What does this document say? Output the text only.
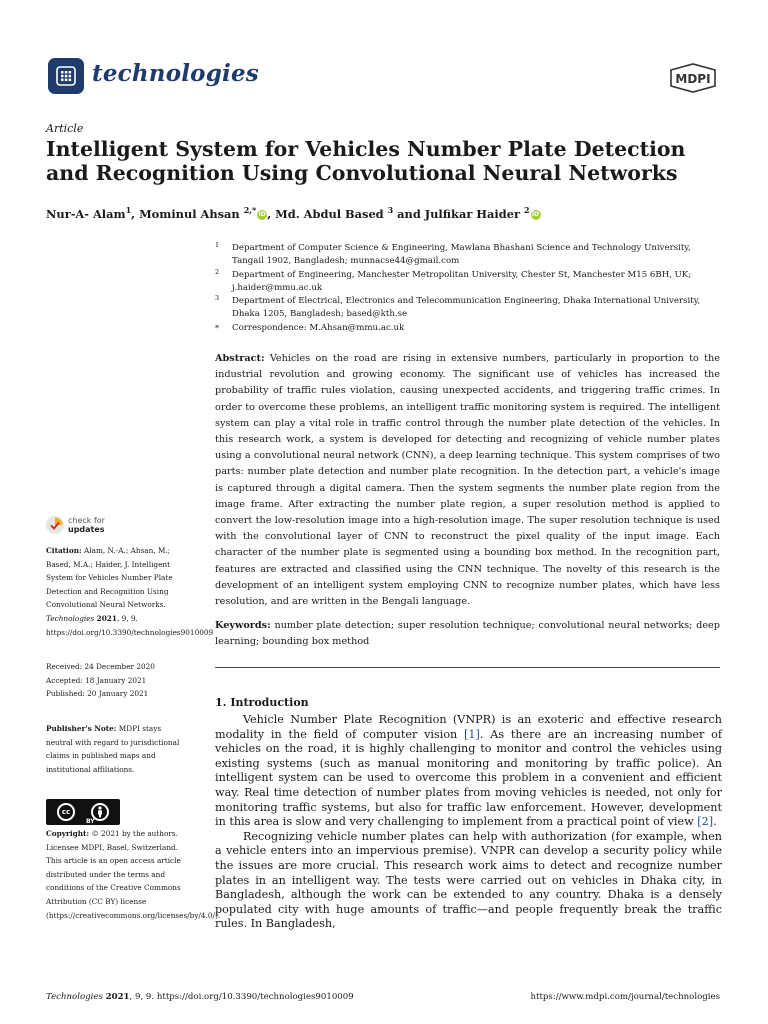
technologies	MDPI
Article
Intelligent System for Vehicles Number Plate Detection and Recognition Using Convolutional Neural Networks
Nur-A- Alam$^1$, Mominul Ahsan $^{2,*}$ iD, Md. Abdul Based $^3$ and Julfikar Haider $^2$ iD
1 Department of Computer Science & Engineering, Mawlana Bhashani Science and Technology University, Tangail 1902, Bangladesh; munnacse44@gmail.com
2 Department of Engineering, Manchester Metropolitan University, Chester St, Manchester M15 6BH, UK; j.haider@mmu.ac.uk
3 Department of Electrical, Electronics and Telecommunication Engineering, Dhaka International University, Dhaka 1205, Bangladesh; based@kth.se
* Correspondence: M.Ahsan@mmu.ac.uk
Abstract: Vehicles on the road are rising in extensive numbers, particularly in proportion to the industrial revolution and growing economy. The significant use of vehicles has increased the probability of traffic rules violation, causing unexpected accidents, and triggering traffic crimes. In order to overcome these problems, an intelligent traffic monitoring system is required. The intelligent system can play a vital role in traffic control through the number plate detection of the vehicles. In this research work, a system is developed for detecting and recognizing of vehicle number plates using a convolutional neural network (CNN), a deep learning technique. This system comprises of two parts: number plate detection and number plate recognition. In the detection part, a vehicle's image is captured through a digital camera. Then the system segments the number plate region from the image frame. After extracting the number plate region, a super resolution method is applied to convert the low-resolution image into a high-resolution image. The super resolution technique is used with the convolutional layer of CNN to reconstruct the pixel quality of the input image. Each character of the number plate is segmented using a bounding box method. In the recognition part, features are extracted and classified using the CNN technique. The novelty of this research is the development of an intelligent system employing CNN to recognize number plates, which have less resolution, and are written in the Bengali language.
Keywords: number plate detection; super resolution technique; convolutional neural networks; deep learning; bounding box method
1. Introduction

Vehicle Number Plate Recognition (VNPR) is an exoteric and effective research modality in the field of computer vision [1]. As there are an increasing number of vehicles on the road, it is highly challenging to monitor and control the vehicles using existing systems (such as manual monitoring and monitoring by traffic police). An intelligent system can be used to overcome this problem in a convenient and efficient way. Real time detection of number plates from moving vehicles is needed, not only for monitoring traffic systems, but also for traffic law enforcement. However, development in this area is slow and very challenging to implement from a practical point of view [2].

Recognizing vehicle number plates can help with authorization (for example, when a vehicle enters into an impervious premise). VNPR can develop a security policy while the issues are more crucial. This research work aims to detect and recognize number plates in an intelligent way. The tests were carried out on vehicles in Dhaka city, in Bangladesh, although the work can be extended to any country. Dhaka is a densely populated city with huge amounts of traffic—and people frequently break the traffic rules. In Bangladesh,

check for
updates
Citation: Alam, N.-A.; Ahsan, M.; Based, M.A.; Haider, J. Intelligent System for Vehicles Number Plate Detection and Recognition Using Convolutional Neural Networks. Technologies 2021, 9, 9. https://doi.org/10.3390/technologies9010009
Received: 24 December 2020
Accepted: 18 January 2021
Published: 20 January 2021
Publisher's Note: MDPI stays neutral with regard to jurisdictional claims in published maps and institutional affiliations.
cc
BY
Copyright: © 2021 by the authors. Licensee MDPI, Basel, Switzerland. This article is an open access article distributed under the terms and conditions of the Creative Commons Attribution (CC BY) license (https://creativecommons.org/licenses/by/4.0/).
Technologies 2021, 9, 9. https://doi.org/10.3390/technologies9010009	https://www.mdpi.com/journal/technologies
